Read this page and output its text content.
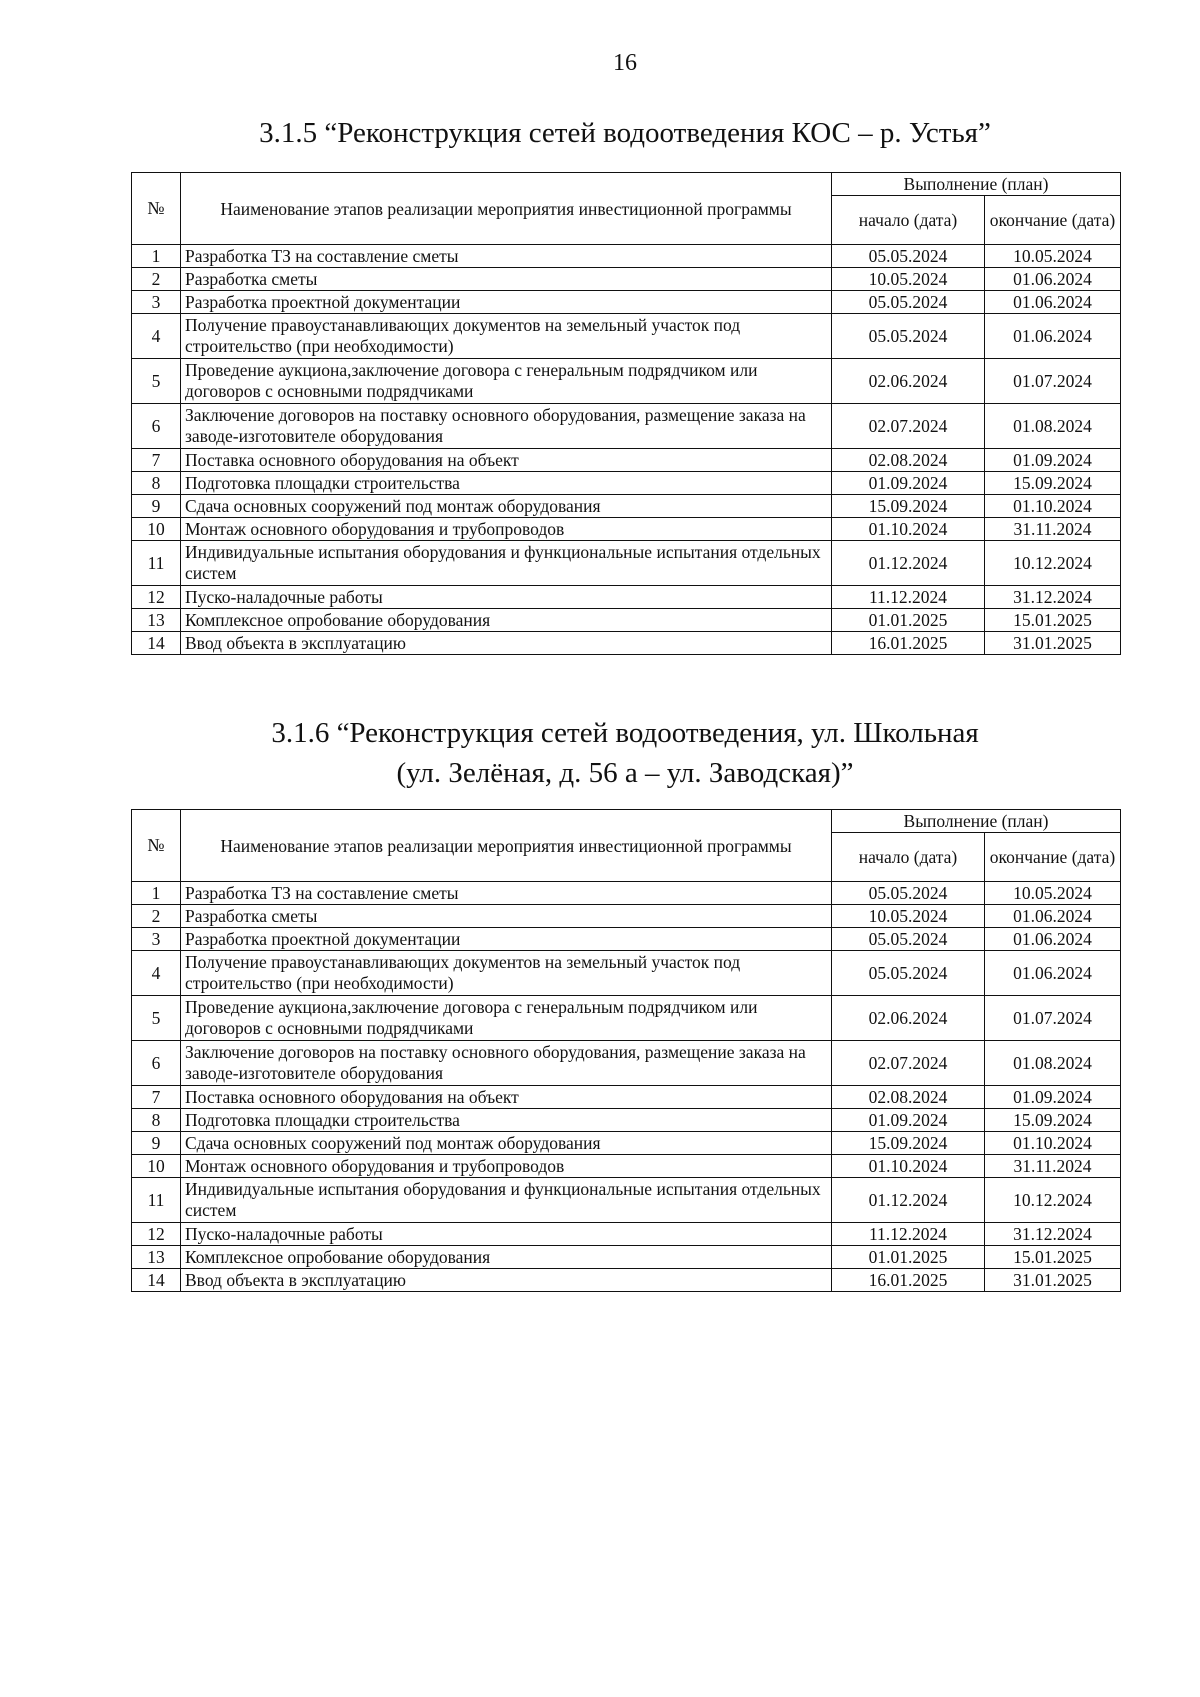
16
3.1.5 “Реконструкция сетей водоотведения КОС – р. Устья”
№	Наименование этапов реализации мероприятия инвестиционной программы	Выполнение (план)	
		начало (дата)	окончание (дата)
1	Разработка ТЗ на составление сметы	05.05.2024	10.05.2024
2	Разработка сметы	10.05.2024	01.06.2024
3	Разработка проектной документации	05.05.2024	01.06.2024
4	Получение правоустанавливающих документов на земельный участок под строительство (при необходимости)	05.05.2024	01.06.2024
5	Проведение аукциона,заключение договора с генеральным подрядчиком или договоров с основными подрядчиками	02.06.2024	01.07.2024
6	Заключение договоров на поставку основного оборудования, размещение заказа на заводе-изготовителе оборудования	02.07.2024	01.08.2024
7	Поставка основного оборудования на объект	02.08.2024	01.09.2024
8	Подготовка площадки строительства	01.09.2024	15.09.2024
9	Сдача основных сооружений под монтаж оборудования	15.09.2024	01.10.2024
10	Монтаж основного оборудования и трубопроводов	01.10.2024	31.11.2024
11	Индивидуальные испытания оборудования и функциональные испытания отдельных систем	01.12.2024	10.12.2024
12	Пуско-наладочные работы	11.12.2024	31.12.2024
13	Комплексное опробование оборудования	01.01.2025	15.01.2025
14	Ввод объекта в эксплуатацию	16.01.2025	31.01.2025
3.1.6 “Реконструкция сетей водоотведения, ул. Школьная
(ул. Зелёная, д. 56 а – ул. Заводская)”
№	Наименование этапов реализации мероприятия инвестиционной программы	Выполнение (план)	
		начало (дата)	окончание (дата)
1	Разработка ТЗ на составление сметы	05.05.2024	10.05.2024
2	Разработка сметы	10.05.2024	01.06.2024
3	Разработка проектной документации	05.05.2024	01.06.2024
4	Получение правоустанавливающих документов на земельный участок под строительство (при необходимости)	05.05.2024	01.06.2024
5	Проведение аукциона,заключение договора с генеральным подрядчиком или договоров с основными подрядчиками	02.06.2024	01.07.2024
6	Заключение договоров на поставку основного оборудования, размещение заказа на заводе-изготовителе оборудования	02.07.2024	01.08.2024
7	Поставка основного оборудования на объект	02.08.2024	01.09.2024
8	Подготовка площадки строительства	01.09.2024	15.09.2024
9	Сдача основных сооружений под монтаж оборудования	15.09.2024	01.10.2024
10	Монтаж основного оборудования и трубопроводов	01.10.2024	31.11.2024
11	Индивидуальные испытания оборудования и функциональные испытания отдельных систем	01.12.2024	10.12.2024
12	Пуско-наладочные работы	11.12.2024	31.12.2024
13	Комплексное опробование оборудования	01.01.2025	15.01.2025
14	Ввод объекта в эксплуатацию	16.01.2025	31.01.2025
